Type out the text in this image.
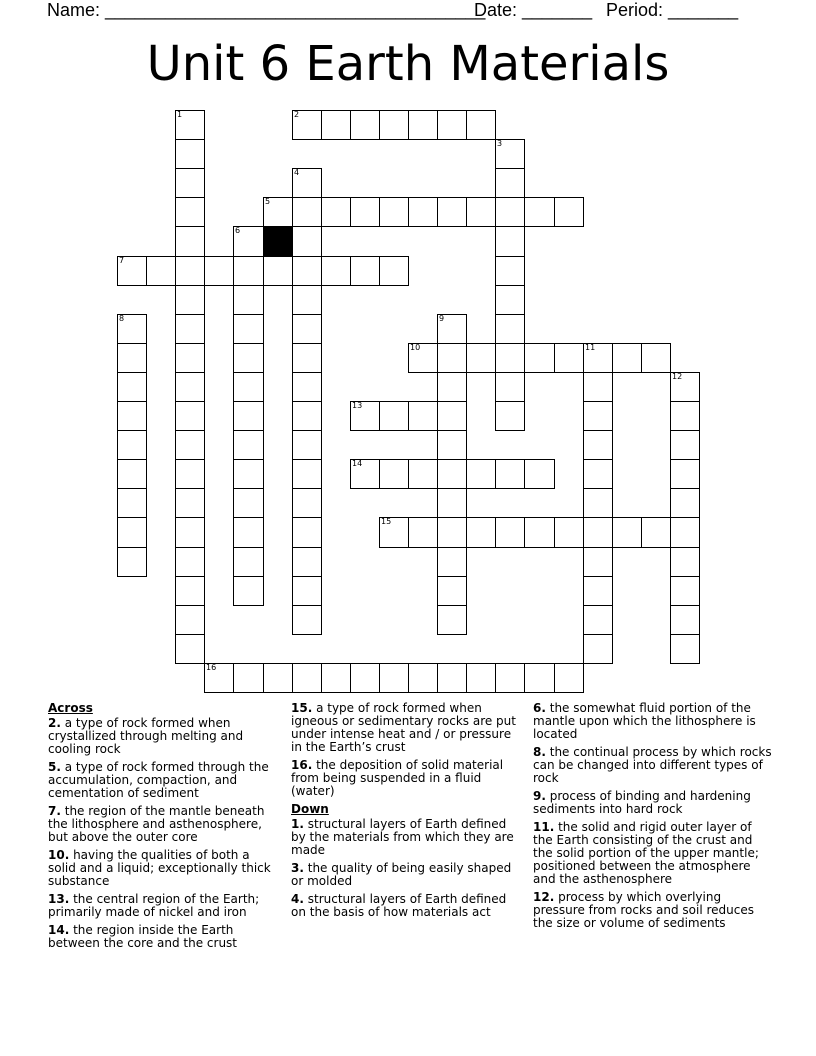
Name: ______________________________________
Date: _______ Period: _______
Unit 6 Earth Materials
1	2
3
4
5
6
7
8	9
10	11
12
13
14
15
16
Across
2. a type of rock formed when crystallized through melting and cooling rock
5. a type of rock formed through the accumulation, compaction, and cementation of sediment
7. the region of the mantle beneath the lithosphere and asthenosphere, but above the outer core
10. having the qualities of both a solid and a liquid; exceptionally thick substance
13. the central region of the Earth; primarily made of nickel and iron
14. the region inside the Earth between the core and the crust
15. a type of rock formed when igneous or sedimentary rocks are put under intense heat and / or pressure in the Earth’s crust
16. the deposition of solid material from being suspended in a fluid (water)
Down
1. structural layers of Earth defined by the materials from which they are made
3. the quality of being easily shaped or molded
4. structural layers of Earth defined on the basis of how materials act
6. the somewhat fluid portion of the mantle upon which the lithosphere is located
8. the continual process by which rocks can be changed into different types of rock
9. process of binding and hardening sediments into hard rock
11. the solid and rigid outer layer of the Earth consisting of the crust and the solid portion of the upper mantle; positioned between the atmosphere and the asthenosphere
12. process by which overlying pressure from rocks and soil reduces the size or volume of sediments
